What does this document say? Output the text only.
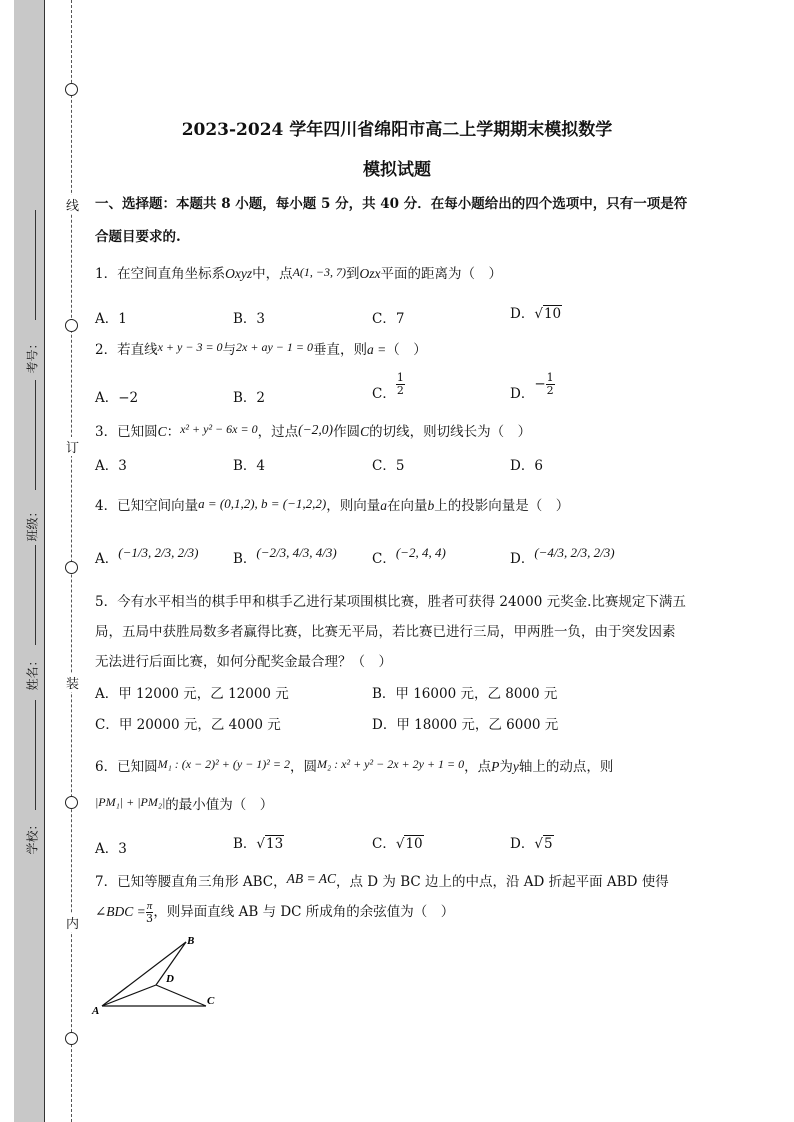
线
订
装
内
考号：
班级：
姓名：
学校：
2023-2024 学年四川省绵阳市高二上学期期末模拟数学
模拟试题
一、选择题：本题共 8 小题，每小题 5 分，共 40 分．在每小题给出的四个选项中，只有一项是符
合题目要求的.
1．在空间直角坐标系Oxyz中，点A(1, −3, 7)到Ozx平面的距离为（　）
A．1	B．3	C．7	D．√10
2．若直线x + y − 3 = 0与2x + ay − 1 = 0垂直，则a =（　）
A．−2	B．2	C． $\frac{1}{2}$	D．− $\frac{1}{2}$
3．已知圆C：x² + y² − 6x = 0，过点(−2,0)作圆C的切线，则切线长为（　）
A．3	B．4	C．5	D．6
4．已知空间向量a = (0,1,2), b = (−1,2,2)，则向量a在向量b上的投影向量是（　）
A．(−1/3, 2/3, 2/3)	B．(−2/3, 4/3, 4/3)	C．(−2, 4, 4)	D．(−4/3, 2/3, 2/3)
5．今有水平相当的棋手甲和棋手乙进行某项围棋比赛，胜者可获得 24000 元奖金.比赛规定下满五
局，五局中获胜局数多者赢得比赛，比赛无平局，若比赛已进行三局，甲两胜一负，由于突发因素
无法进行后面比赛，如何分配奖金最合理？（　）
A．甲 12000 元，乙 12000 元	B．甲 16000 元，乙 8000 元
C．甲 20000 元，乙 4000 元	D．甲 18000 元，乙 6000 元
6．已知圆M₁ : (x − 2)² + (y − 1)² = 2，圆M₂ : x² + y² − 2x + 2y + 1 = 0，点P为y轴上的动点，则
|PM₁| + |PM₂|的最小值为（　）
A．3	B．√13	C．√10	D．√5
7．已知等腰直角三角形 ABC，AB = AC，点 D 为 BC 边上的中点，沿 AD 折起平面 ABD 使得
∠BDC = $\frac{\pi}{3}$ ，则异面直线 AB 与 DC 所成角的余弦值为（　）
A
B
C
D
